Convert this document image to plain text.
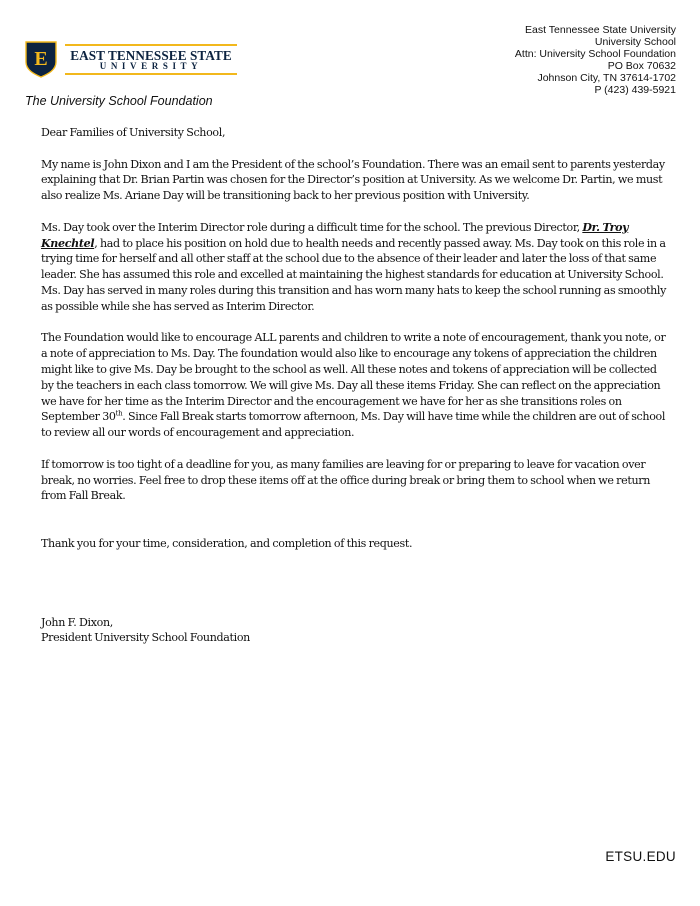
E	EAST TENNESSEE STATE
UNIVERSITY
The University School Foundation
East Tennessee State University
University School
Attn: University School Foundation
PO Box 70632
Johnson City, TN 37614-1702
P (423) 439-5921

Dear Families of University School,

My name is John Dixon and I am the President of the school’s Foundation. There was an email sent to parents yesterday explaining that Dr. Brian Partin was chosen for the Director’s position at University. As we welcome Dr. Partin, we must also realize Ms. Ariane Day will be transitioning back to her previous position with University.

Ms. Day took over the Interim Director role during a difficult time for the school. The previous Director, Dr. Troy Knechtel, had to place his position on hold due to health needs and recently passed away. Ms. Day took on this role in a trying time for herself and all other staff at the school due to the absence of their leader and later the loss of that same leader. She has assumed this role and excelled at maintaining the highest standards for education at University School. Ms. Day has served in many roles during this transition and has worn many hats to keep the school running as smoothly as possible while she has served as Interim Director.

The Foundation would like to encourage ALL parents and children to write a note of encouragement, thank you note, or a note of appreciation to Ms. Day. The foundation would also like to encourage any tokens of appreciation the children might like to give Ms. Day be brought to the school as well. All these notes and tokens of appreciation will be collected by the teachers in each class tomorrow. We will give Ms. Day all these items Friday. She can reflect on the appreciation we have for her time as the Interim Director and the encouragement we have for her as she transitions roles on September 30th. Since Fall Break starts tomorrow afternoon, Ms. Day will have time while the children are out of school to review all our words of encouragement and appreciation.

If tomorrow is too tight of a deadline for you, as many families are leaving for or preparing to leave for vacation over break, no worries. Feel free to drop these items off at the office during break or bring them to school when we return from Fall Break.

Thank you for your time, consideration, and completion of this request.

John F. Dixon,
President University School Foundation
ETSU.EDU
